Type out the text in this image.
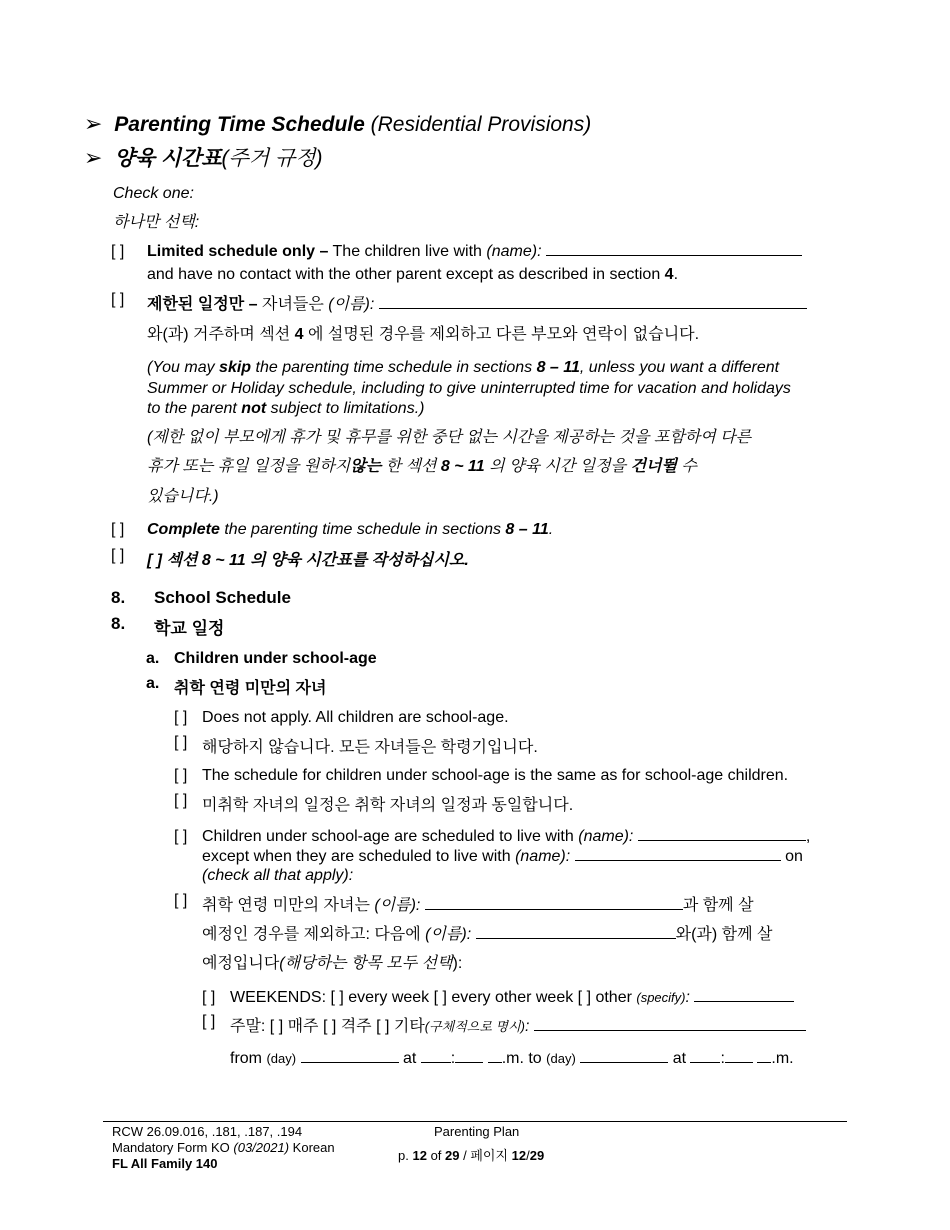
➢ Parenting Time Schedule (Residential Provisions)
➢ 양육 시간표(주거 규정)
Check one:
하나만 선택:
[ ] Limited schedule only – The children live with (name):
and have no contact with the other parent except as described in section 4.
[ ] 제한된 일정만 – 자녀들은 (이름):
와(과) 거주하며 섹션 4 에 설명된 경우를 제외하고 다른 부모와 연락이 없습니다.
(You may skip the parenting time schedule in sections 8 – 11, unless you want a different
Summer or Holiday schedule, including to give uninterrupted time for vacation and holidays
to the parent not subject to limitations.)
(제한 없이 부모에게 휴가 및 휴무를 위한 중단 없는 시간을 제공하는 것을 포함하여 다른
휴가 또는 휴일 일정을 원하지않는 한 섹션 8 ~ 11 의 양육 시간 일정을 건너뛸 수
있습니다.)
[ ] Complete the parenting time schedule in sections 8 – 11.
[ ] [ ] 섹션 8 ~ 11 의 양육 시간표를 작성하십시오.
8. School Schedule
8. 학교 일정
a. Children under school-age
a. 취학 연령 미만의 자녀
[ ] Does not apply. All children are school-age.
[ ] 해당하지 않습니다. 모든 자녀들은 학령기입니다.
[ ] The schedule for children under school-age is the same as for school-age children.
[ ] 미취학 자녀의 일정은 취학 자녀의 일정과 동일합니다.
[ ] Children under school-age are scheduled to live with (name):	,
except when they are scheduled to live with (name):	on
(check all that apply):
[ ] 취학 연령 미만의 자녀는 (이름):	과 함께 살
예정인 경우를 제외하고: 다음에 (이름):	와(과) 함께 살
예정입니다(해당하는 항목 모두 선택):
[ ] WEEKENDS: [ ] every week [ ] every other week [ ] other (specify):
[ ] 주말: [ ] 매주 [ ] 격주 [ ] 기타(구체적으로 명시):
from (day)	at :	.m. to (day)	at :	.m.
RCW 26.09.016, .181, .187, .194
Mandatory Form KO (03/2021) Korean
FL All Family 140
Parenting Plan
p. 12 of 29 / 페이지 12/29
